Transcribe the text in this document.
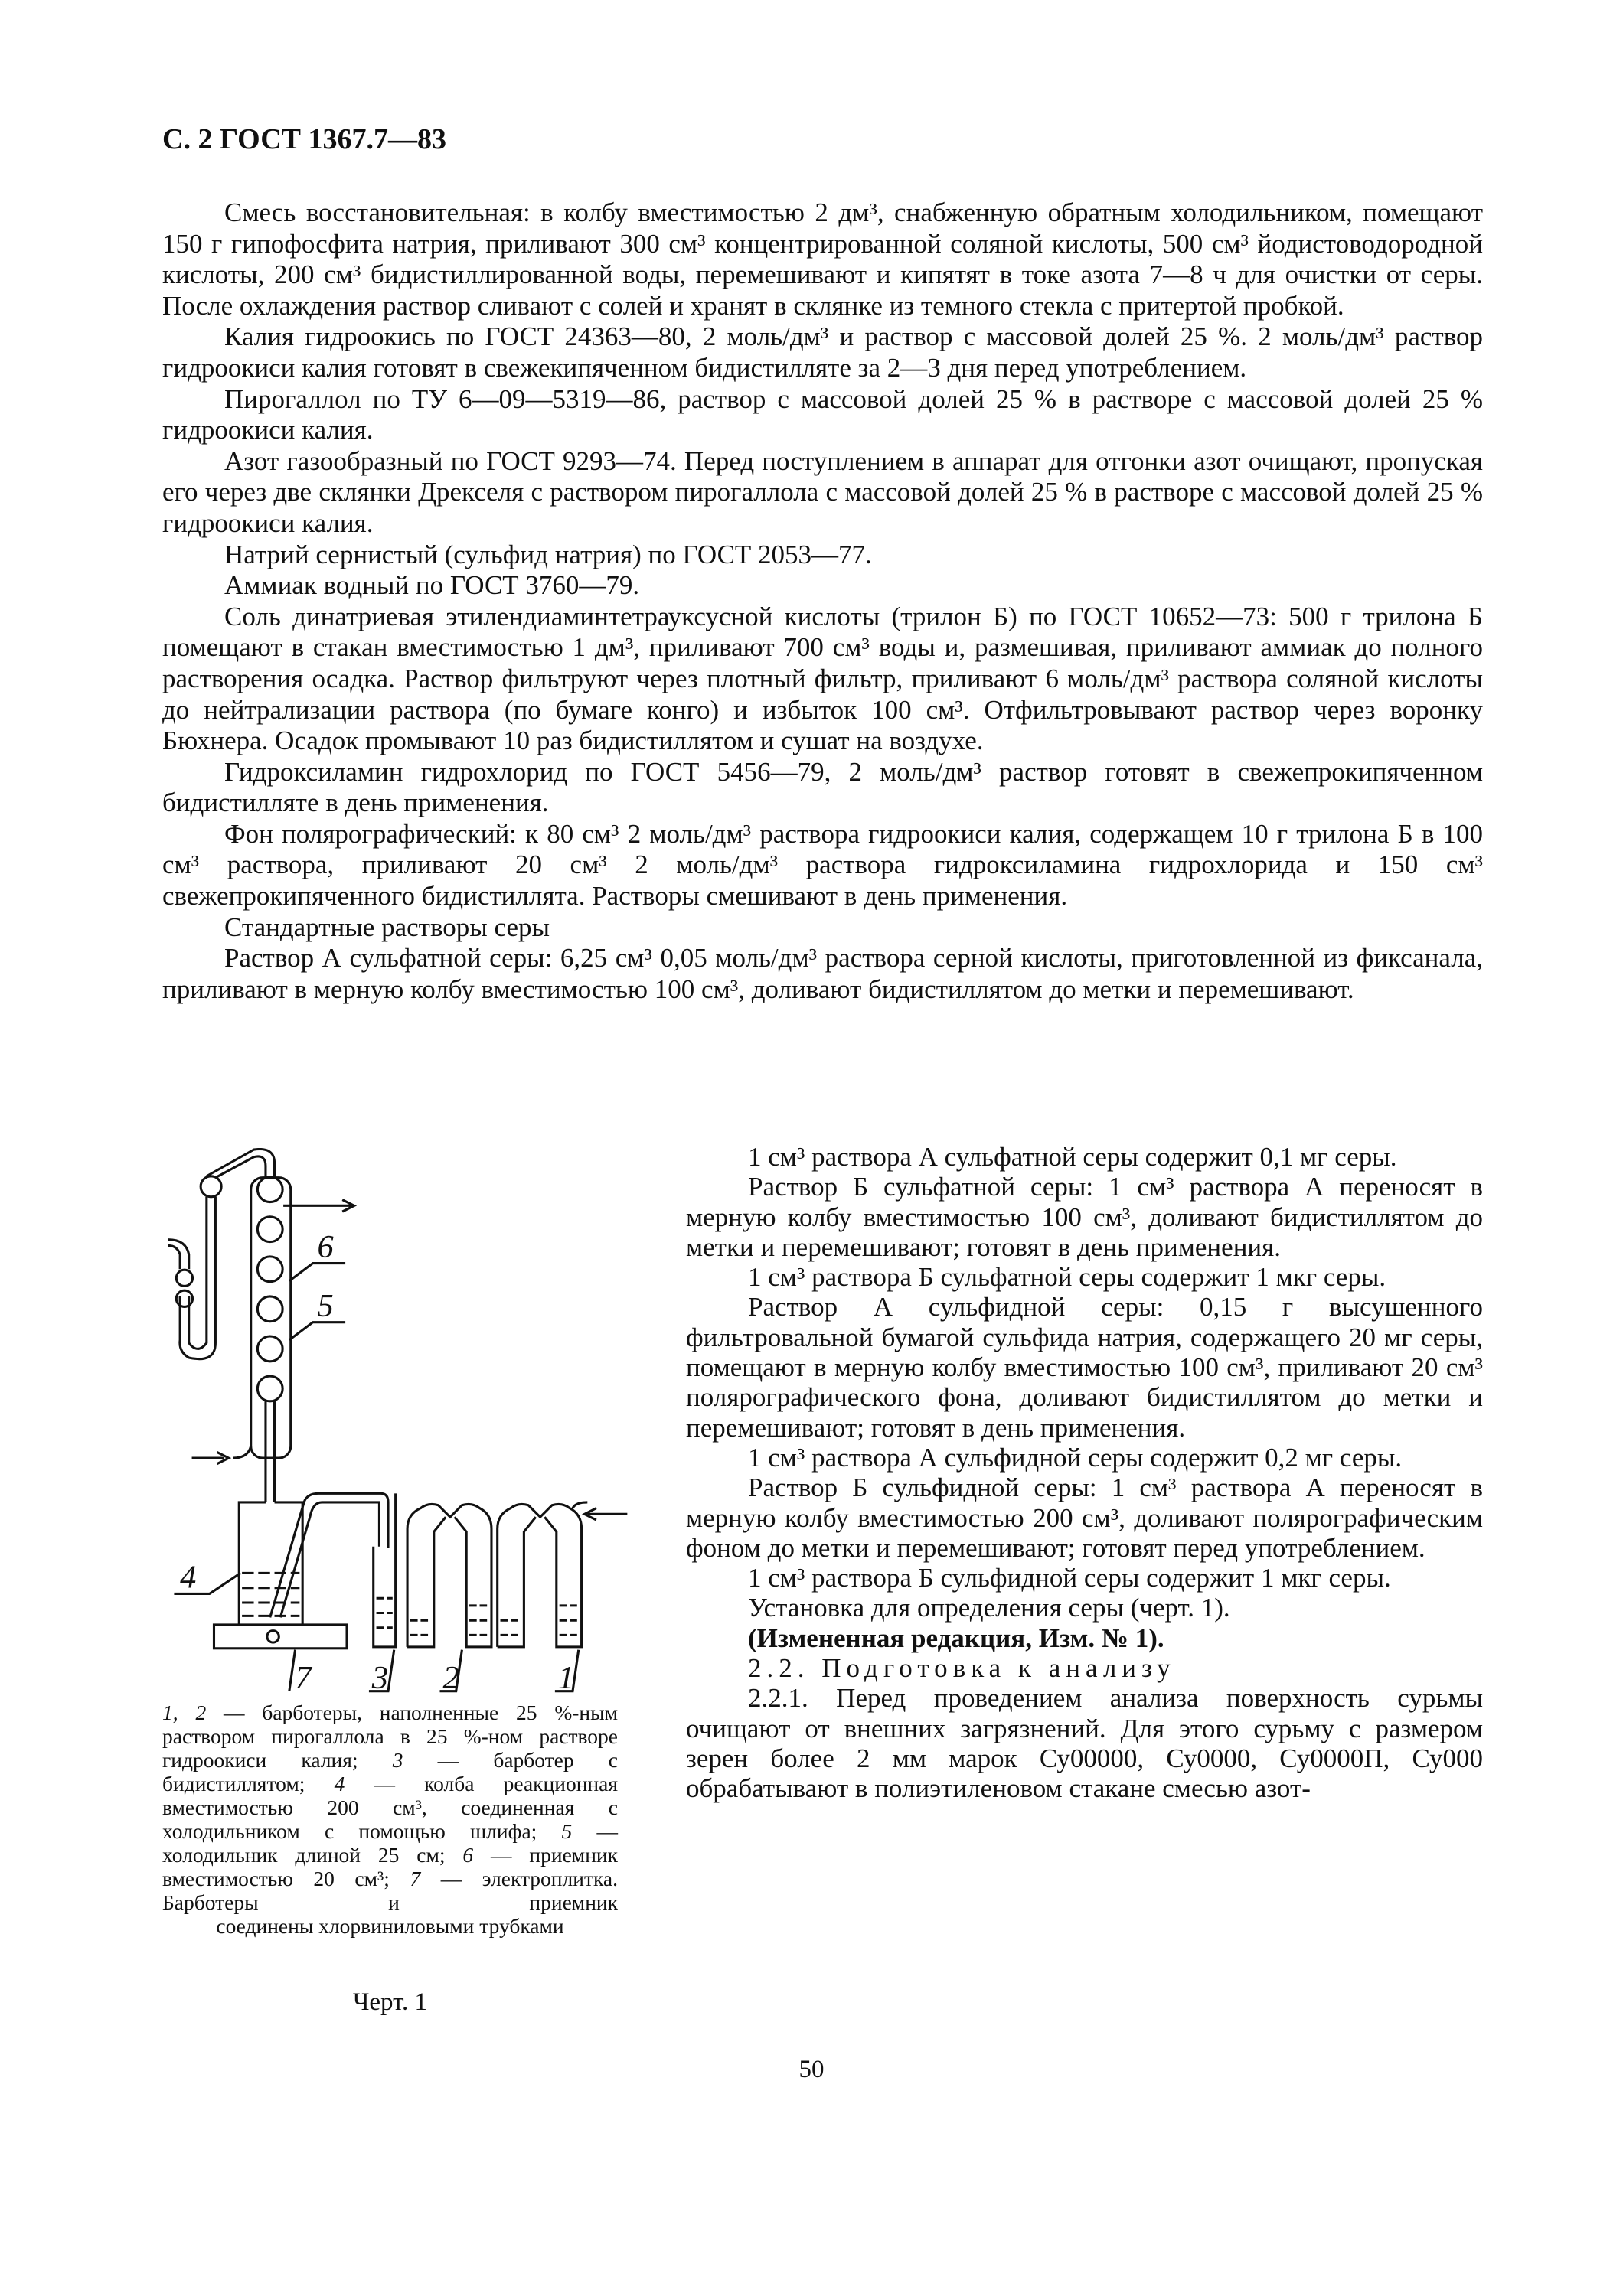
С. 2 ГОСТ 1367.7—83

Смесь восстановительная: в колбу вместимостью 2 дм³, снабженную обратным холодильником, помещают 150 г гипофосфита натрия, приливают 300 см³ концентрированной соляной кислоты, 500 см³ йодистоводородной кислоты, 200 см³ бидистиллированной воды, перемешивают и кипятят в токе азота 7—8 ч для очистки от серы. После охлаждения раствор сливают с солей и хранят в склянке из темного стекла с притертой пробкой.

Калия гидроокись по ГОСТ 24363—80, 2 моль/дм³ и раствор с массовой долей 25 %. 2 моль/дм³ раствор гидроокиси калия готовят в свежекипяченном бидистилляте за 2—3 дня перед употреблением.

Пирогаллол по ТУ 6—09—5319—86, раствор с массовой долей 25 % в растворе с массовой долей 25 % гидроокиси калия.

Азот газообразный по ГОСТ 9293—74. Перед поступлением в аппарат для отгонки азот очищают, пропуская его через две склянки Дрекселя с раствором пирогаллола с массовой долей 25 % в растворе с массовой долей 25 % гидроокиси калия.

Натрий сернистый (сульфид натрия) по ГОСТ 2053—77.

Аммиак водный по ГОСТ 3760—79.

Соль динатриевая этилендиаминтетрауксусной кислоты (трилон Б) по ГОСТ 10652—73: 500 г трилона Б помещают в стакан вместимостью 1 дм³, приливают 700 см³ воды и, размешивая, приливают аммиак до полного растворения осадка. Раствор фильтруют через плотный фильтр, приливают 6 моль/дм³ раствора соляной кислоты до нейтрализации раствора (по бумаге конго) и избыток 100 см³. Отфильтровывают раствор через воронку Бюхнера. Осадок промывают 10 раз бидистиллятом и сушат на воздухе.

Гидроксиламин гидрохлорид по ГОСТ 5456—79, 2 моль/дм³ раствор готовят в свежепрокипяченном бидистилляте в день применения.

Фон полярографический: к 80 см³ 2 моль/дм³ раствора гидроокиси калия, содержащем 10 г трилона Б в 100 см³ раствора, приливают 20 см³ 2 моль/дм³ раствора гидроксиламина гидрохлорида и 150 см³ свежепрокипяченного бидистиллята. Растворы смешивают в день применения.

Стандартные растворы серы

Раствор А сульфатной серы: 6,25 см³ 0,05 моль/дм³ раствора серной кислоты, приготовленной из фиксанала, приливают в мерную колбу вместимостью 100 см³, доливают бидистиллятом до метки и перемешивают.

6
5
4
7	3	2	1
1, 2 — барботеры, наполненные 25 %-ным раствором пирогаллола в 25 %-ном растворе гидроокиси калия; 3 — барботер с бидистиллятом; 4 — колба реакционная вместимостью 200 см³, соединенная с холодильником с помощью шлифа; 5 — холодильник длиной 25 см; 6 — приемник вместимостью 20 см³; 7 — электроплитка. Барботеры и приемник
соединены хлорвиниловыми трубками
Черт. 1

1 см³ раствора А сульфатной серы содержит 0,1 мг серы.

Раствор Б сульфатной серы: 1 см³ раствора А переносят в мерную колбу вместимостью 100 см³, доливают бидистиллятом до метки и перемешивают; готовят в день применения.

1 см³ раствора Б сульфатной серы содержит 1 мкг серы.

Раствор А сульфидной серы: 0,15 г высушенного фильтровальной бумагой сульфида натрия, содержащего 20 мг серы, помещают в мерную колбу вместимостью 100 см³, приливают 20 см³ полярографического фона, доливают бидистиллятом до метки и перемешивают; готовят в день применения.

1 см³ раствора А сульфидной серы содержит 0,2 мг серы.

Раствор Б сульфидной серы: 1 см³ раствора А переносят в мерную колбу вместимостью 200 см³, доливают полярографическим фоном до метки и перемешивают; готовят перед употреблением.

1 см³ раствора Б сульфидной серы содержит 1 мкг серы.

Установка для определения серы (черт. 1).

(Измененная редакция, Изм. № 1).

2.2. Подготовка к анализу

2.2.1. Перед проведением анализа поверхность сурьмы очищают от внешних загрязнений. Для этого сурьму с размером зерен более 2 мм марок Су00000, Су0000, Су0000П, Су000 обрабатывают в полиэтиленовом стакане смесью азот-

50
